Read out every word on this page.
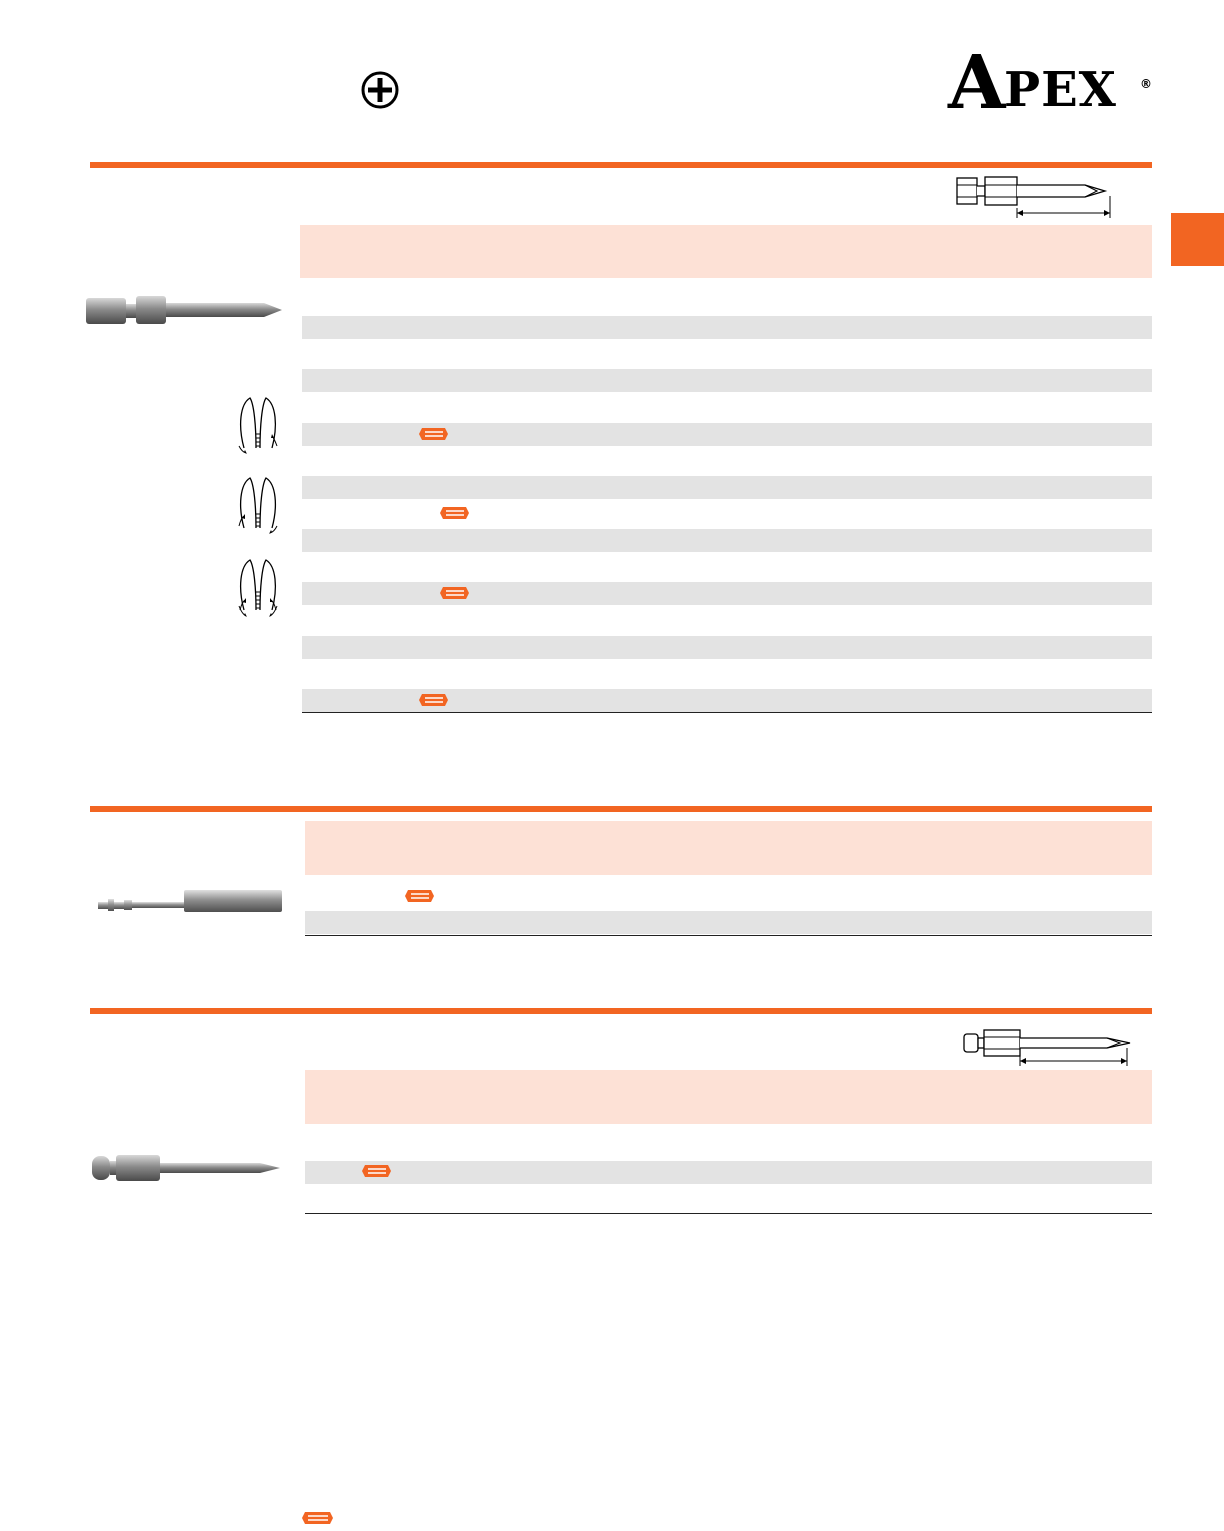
A PEX ®
